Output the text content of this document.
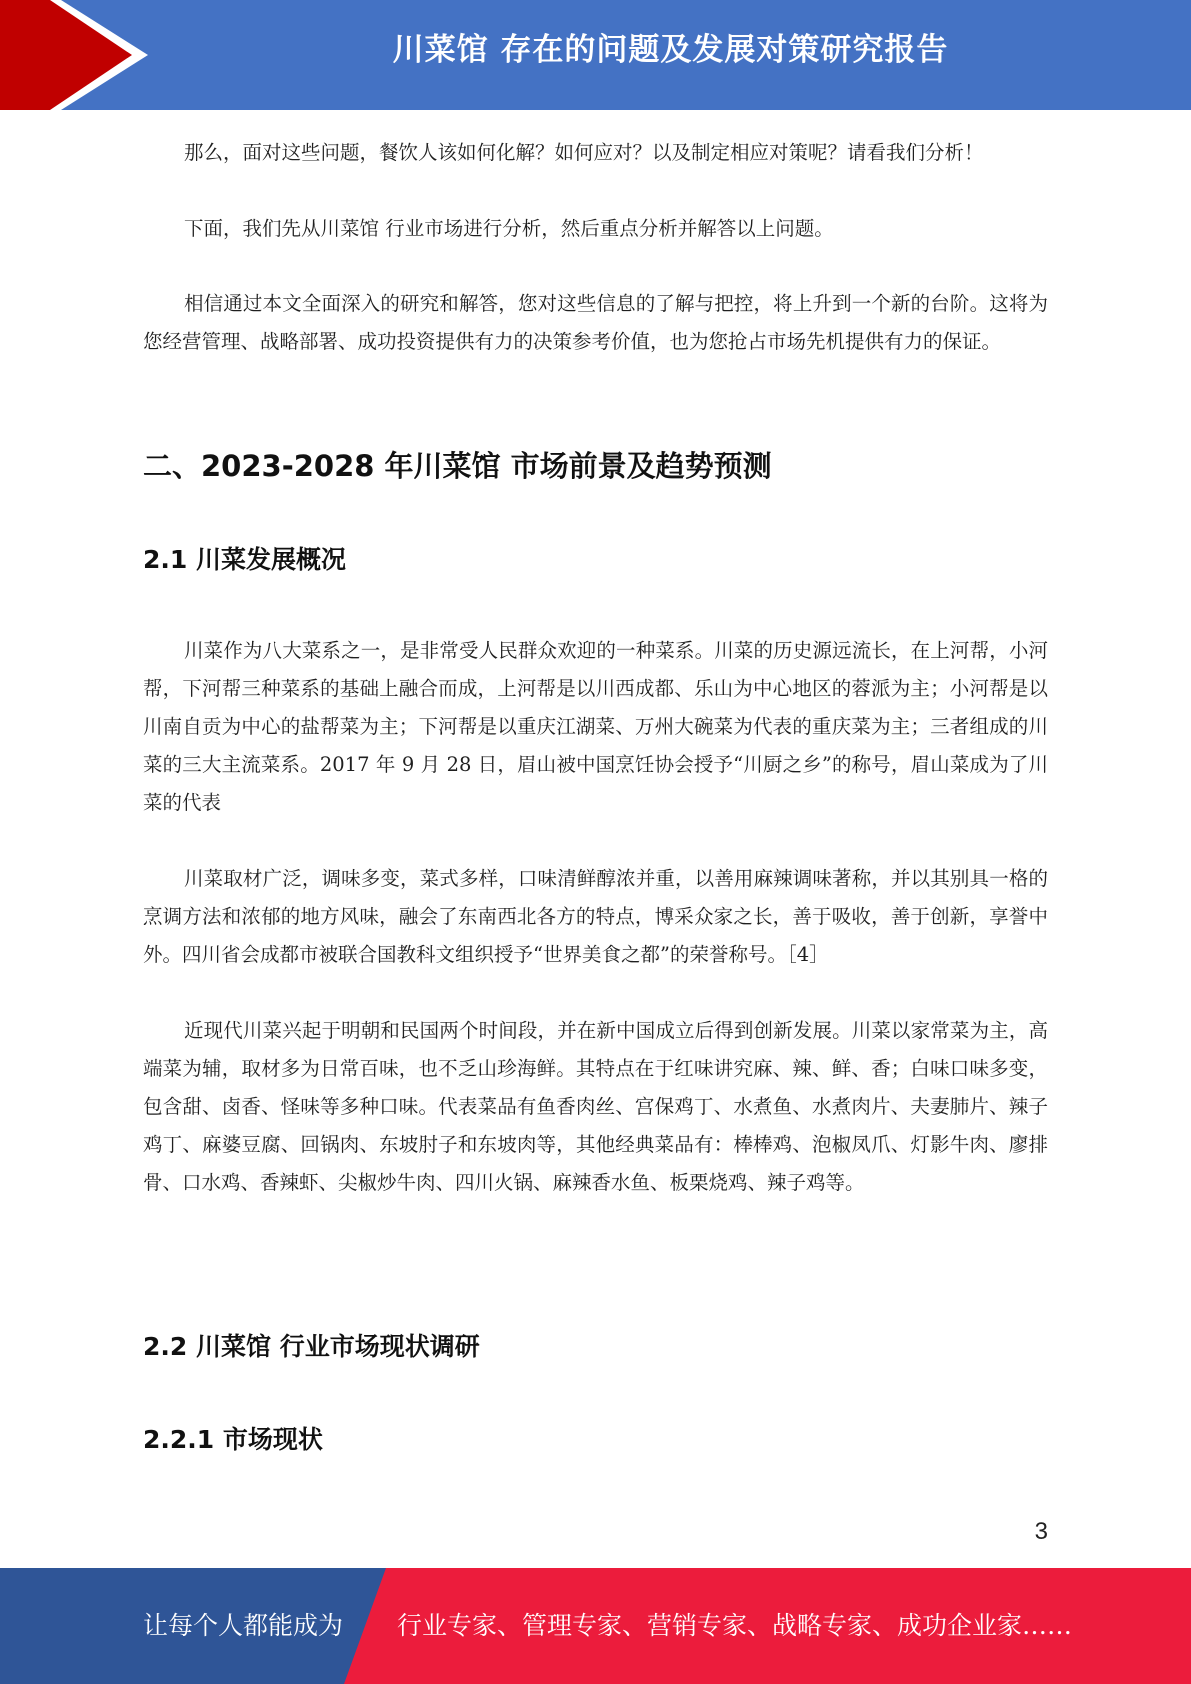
川菜馆 存在的问题及发展对策研究报告

那么，面对这些问题，餐饮人该如何化解？如何应对？以及制定相应对策呢？请看我们分析！

下面，我们先从川菜馆 行业市场进行分析，然后重点分析并解答以上问题。

相信通过本文全面深入的研究和解答，您对这些信息的了解与把控，将上升到一个新的台阶。这将为您经营管理、战略部署、成功投资提供有力的决策参考价值，也为您抢占市场先机提供有力的保证。

二、2023-2028 年川菜馆 市场前景及趋势预测
2.1 川菜发展概况

川菜作为八大菜系之一，是非常受人民群众欢迎的一种菜系。川菜的历史源远流长，在上河帮，小河帮，下河帮三种菜系的基础上融合而成，上河帮是以川西成都、乐山为中心地区的蓉派为主；小河帮是以川南自贡为中心的盐帮菜为主；下河帮是以重庆江湖菜、万州大碗菜为代表的重庆菜为主；三者组成的川菜的三大主流菜系。2017 年 9 月 28 日，眉山被中国烹饪协会授予“川厨之乡”的称号，眉山菜成为了川菜的代表

川菜取材广泛，调味多变，菜式多样，口味清鲜醇浓并重，以善用麻辣调味著称，并以其别具一格的烹调方法和浓郁的地方风味，融会了东南西北各方的特点，博采众家之长，善于吸收，善于创新，享誉中外。四川省会成都市被联合国教科文组织授予“世界美食之都”的荣誉称号。［4］

近现代川菜兴起于明朝和民国两个时间段，并在新中国成立后得到创新发展。川菜以家常菜为主，高端菜为辅，取材多为日常百味，也不乏山珍海鲜。其特点在于红味讲究麻、辣、鲜、香；白味口味多变，包含甜、卤香、怪味等多种口味。代表菜品有鱼香肉丝、宫保鸡丁、水煮鱼、水煮肉片、夫妻肺片、辣子鸡丁、麻婆豆腐、回锅肉、东坡肘子和东坡肉等，其他经典菜品有：棒棒鸡、泡椒凤爪、灯影牛肉、廖排骨、口水鸡、香辣虾、尖椒炒牛肉、四川火锅、麻辣香水鱼、板栗烧鸡、辣子鸡等。

2.2 川菜馆 行业市场现状调研
2.2.1 市场现状
3
让每个人都能成为 行业专家、管理专家、营销专家、战略专家、成功企业家……
